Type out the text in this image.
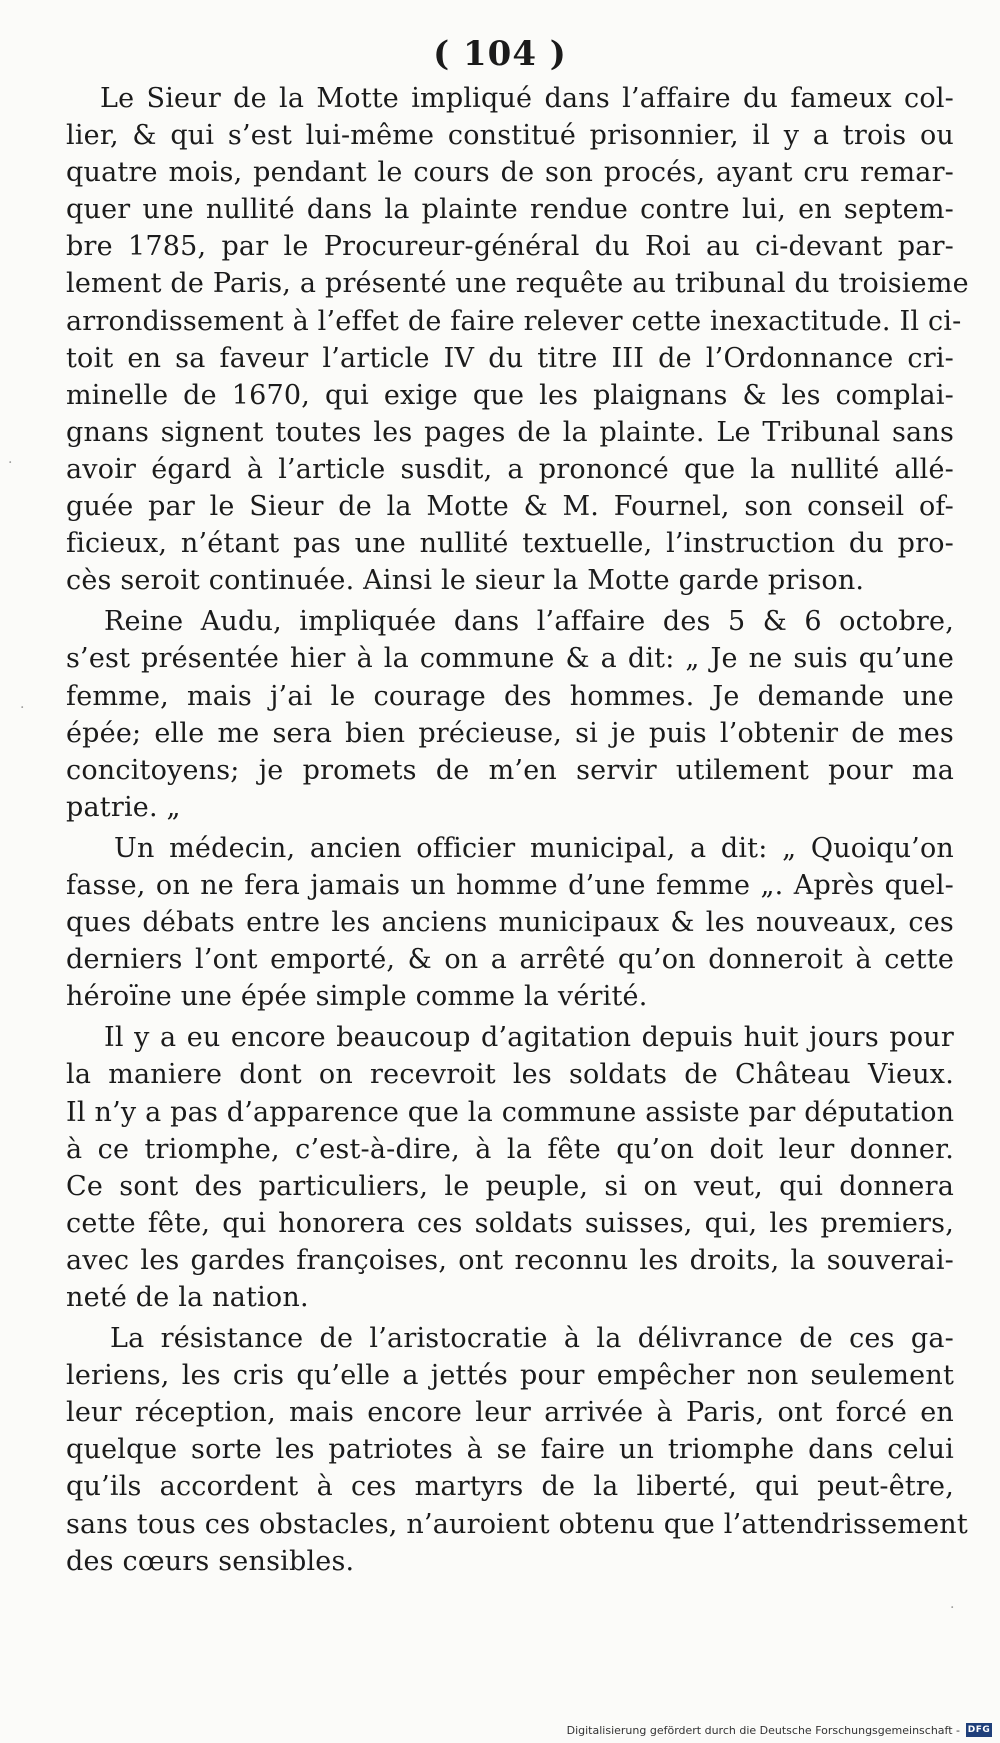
( 104 )
Le Sieur de la Motte impliqué dans l’affaire du fameux col-
lier, & qui s’est lui-même constitué prisonnier, il y a trois ou
quatre mois, pendant le cours de son procés, ayant cru remar-
quer une nullité dans la plainte rendue contre lui, en septem-
bre 1785, par le Procureur-général du Roi au ci-devant par-
lement de Paris, a présenté une requête au tribunal du troisieme
arrondissement à l’effet de faire relever cette inexactitude. Il ci-
toit en sa faveur l’article IV du titre III de l’Ordonnance cri-
minelle de 1670, qui exige que les plaignans & les complai-
gnans signent toutes les pages de la plainte. Le Tribunal sans
avoir égard à l’article susdit, a prononcé que la nullité allé-
guée par le Sieur de la Motte & M. Fournel, son conseil of-
ficieux, n’étant pas une nullité textuelle, l’instruction du pro-
cès seroit continuée. Ainsi le sieur la Motte garde prison.
Reine Audu, impliquée dans l’affaire des 5 & 6 octobre,
s’est présentée hier à la commune & a dit: „ Je ne suis qu’une
femme, mais j’ai le courage des hommes. Je demande une
épée; elle me sera bien précieuse, si je puis l’obtenir de mes
concitoyens; je promets de m’en servir utilement pour ma
patrie. „
Un médecin, ancien officier municipal, a dit: „ Quoiqu’on
fasse, on ne fera jamais un homme d’une femme „. Après quel-
ques débats entre les anciens municipaux & les nouveaux, ces
derniers l’ont emporté, & on a arrêté qu’on donneroit à cette
héroïne une épée simple comme la vérité.
Il y a eu encore beaucoup d’agitation depuis huit jours pour
la maniere dont on recevroit les soldats de Château Vieux.
Il n’y a pas d’apparence que la commune assiste par députation
à ce triomphe, c’est-à-dire, à la fête qu’on doit leur donner.
Ce sont des particuliers, le peuple, si on veut, qui donnera
cette fête, qui honorera ces soldats suisses, qui, les premiers,
avec les gardes françoises, ont reconnu les droits, la souverai-
neté de la nation.
La résistance de l’aristocratie à la délivrance de ces ga-
leriens, les cris qu’elle a jettés pour empêcher non seulement
leur réception, mais encore leur arrivée à Paris, ont forcé en
quelque sorte les patriotes à se faire un triomphe dans celui
qu’ils accordent à ces martyrs de la liberté, qui peut-être,
sans tous ces obstacles, n’auroient obtenu que l’attendrissement
des cœurs sensibles.
·
·
·
Digitalisierung gefördert durch die Deutsche Forschungsgemeinschaft - DFG
